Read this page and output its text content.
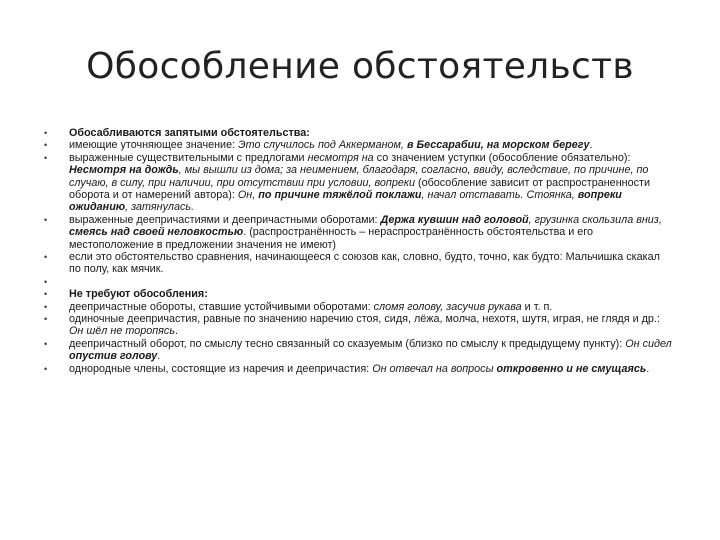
Обособление обстоятельств
• Обосабливаются запятыми обстоятельства:
• имеющие уточняющее значение: Это случилось под Аккерманом, в Бессарабии, на морском берегу.
• выраженные существительными с предлогами несмотря на со значением уступки (обособление обязательно): Несмотря на дождь, мы вышли из дома; за неимением, благодаря, согласно, ввиду, вследствие, по причине, по случаю, в силу, при наличии, при отсутствии при условии, вопреки (обособление зависит от распространенности оборота и от намерений автора): Он, по причине тяжёлой поклажи, начал отставать. Стоянка, вопреки ожиданию, затянулась.
• выраженные деепричастиями и деепричастными оборотами: Держа кувшин над головой, грузинка скользила вниз, смеясь над своей неловкостью. (распространённость – нераспространённость обстоятельства и его местоположение в предложении значения не имеют)
• если это обстоятельство сравнения, начинающееся с союзов как, словно, будто, точно, как будто: Мальчишка скакал по полу, как мячик.
•
• Не требуют обособления:
• деепричастные обороты, ставшие устойчивыми оборотами: сломя голову, засучив рукава и т. п.
• одиночные деепричастия, равные по значению наречию стоя, сидя, лёжа, молча, нехотя, шутя, играя, не глядя и др.: Он шёл не торопясь.
• деепричастный оборот, по смыслу тесно связанный со сказуемым (близко по смыслу к предыдущему пункту): Он сидел опустив голову.
• однородные члены, состоящие из наречия и деепричастия: Он отвечал на вопросы откровенно и не смущаясь.
